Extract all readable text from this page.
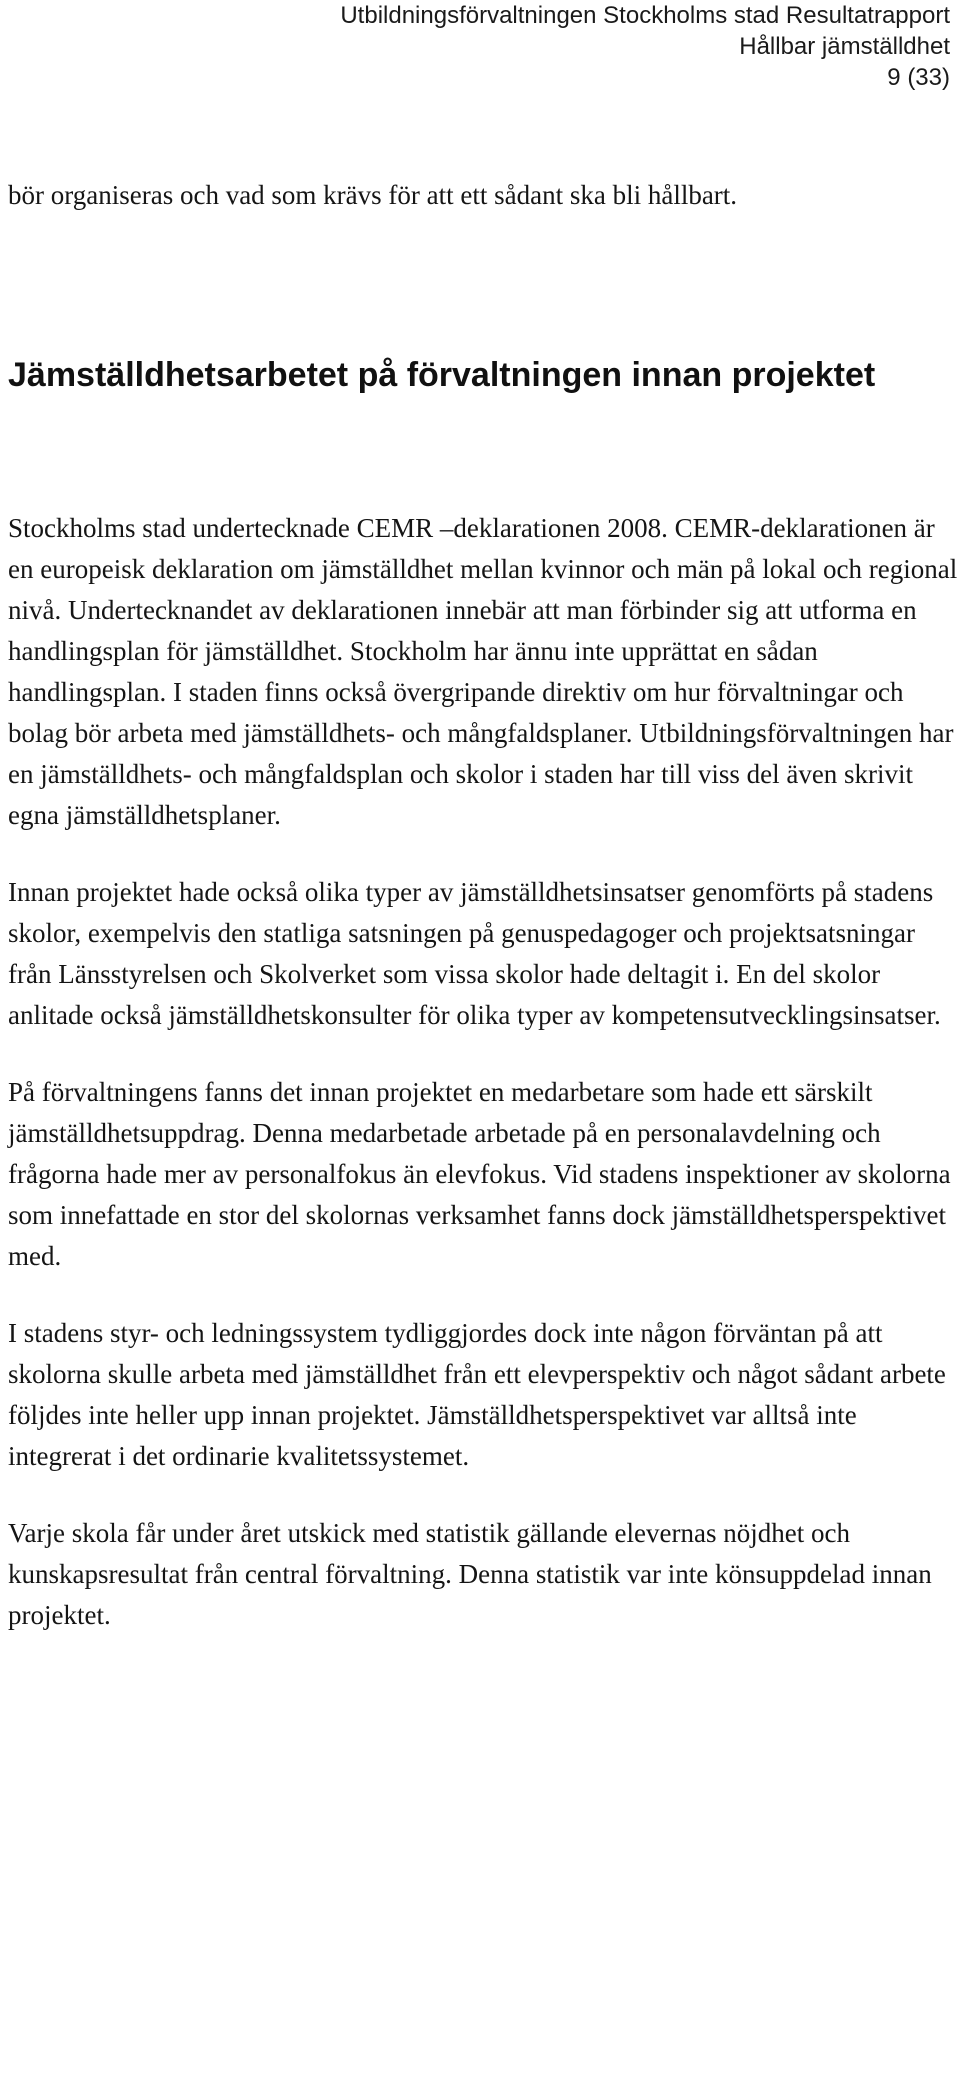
Utbildningsförvaltningen Stockholms stad Resultatrapport
Hållbar jämställdhet
9 (33)

bör organiseras och vad som krävs för att ett sådant ska bli hållbart.

Jämställdhetsarbetet på förvaltningen innan projektet

Stockholms stad undertecknade CEMR –deklarationen 2008. CEMR-deklarationen är en europeisk deklaration om jämställdhet mellan kvinnor och män på lokal och regional nivå. Undertecknandet av deklarationen innebär att man förbinder sig att utforma en handlingsplan för jämställdhet. Stockholm har ännu inte upprättat en sådan handlingsplan. I staden finns också övergripande direktiv om hur förvaltningar och bolag bör arbeta med jämställdhets- och mångfaldsplaner. Utbildningsförvaltningen har en jämställdhets- och mångfaldsplan och skolor i staden har till viss del även skrivit egna jämställdhetsplaner.

Innan projektet hade också olika typer av jämställdhetsinsatser genomförts på stadens skolor, exempelvis den statliga satsningen på genuspedagoger och projektsatsningar från Länsstyrelsen och Skolverket som vissa skolor hade deltagit i. En del skolor anlitade också jämställdhetskonsulter för olika typer av kompetensutvecklingsinsatser.

På förvaltningens fanns det innan projektet en medarbetare som hade ett särskilt jämställdhetsuppdrag. Denna medarbetade arbetade på en personalavdelning och frågorna hade mer av personalfokus än elevfokus. Vid stadens inspektioner av skolorna som innefattade en stor del skolornas verksamhet fanns dock jämställdhetsperspektivet med.

I stadens styr- och ledningssystem tydliggjordes dock inte någon förväntan på att skolorna skulle arbeta med jämställdhet från ett elevperspektiv och något sådant arbete följdes inte heller upp innan projektet. Jämställdhetsperspektivet var alltså inte integrerat i det ordinarie kvalitetssystemet.

Varje skola får under året utskick med statistik gällande elevernas nöjdhet och kunskapsresultat från central förvaltning. Denna statistik var inte könsuppdelad innan projektet.
